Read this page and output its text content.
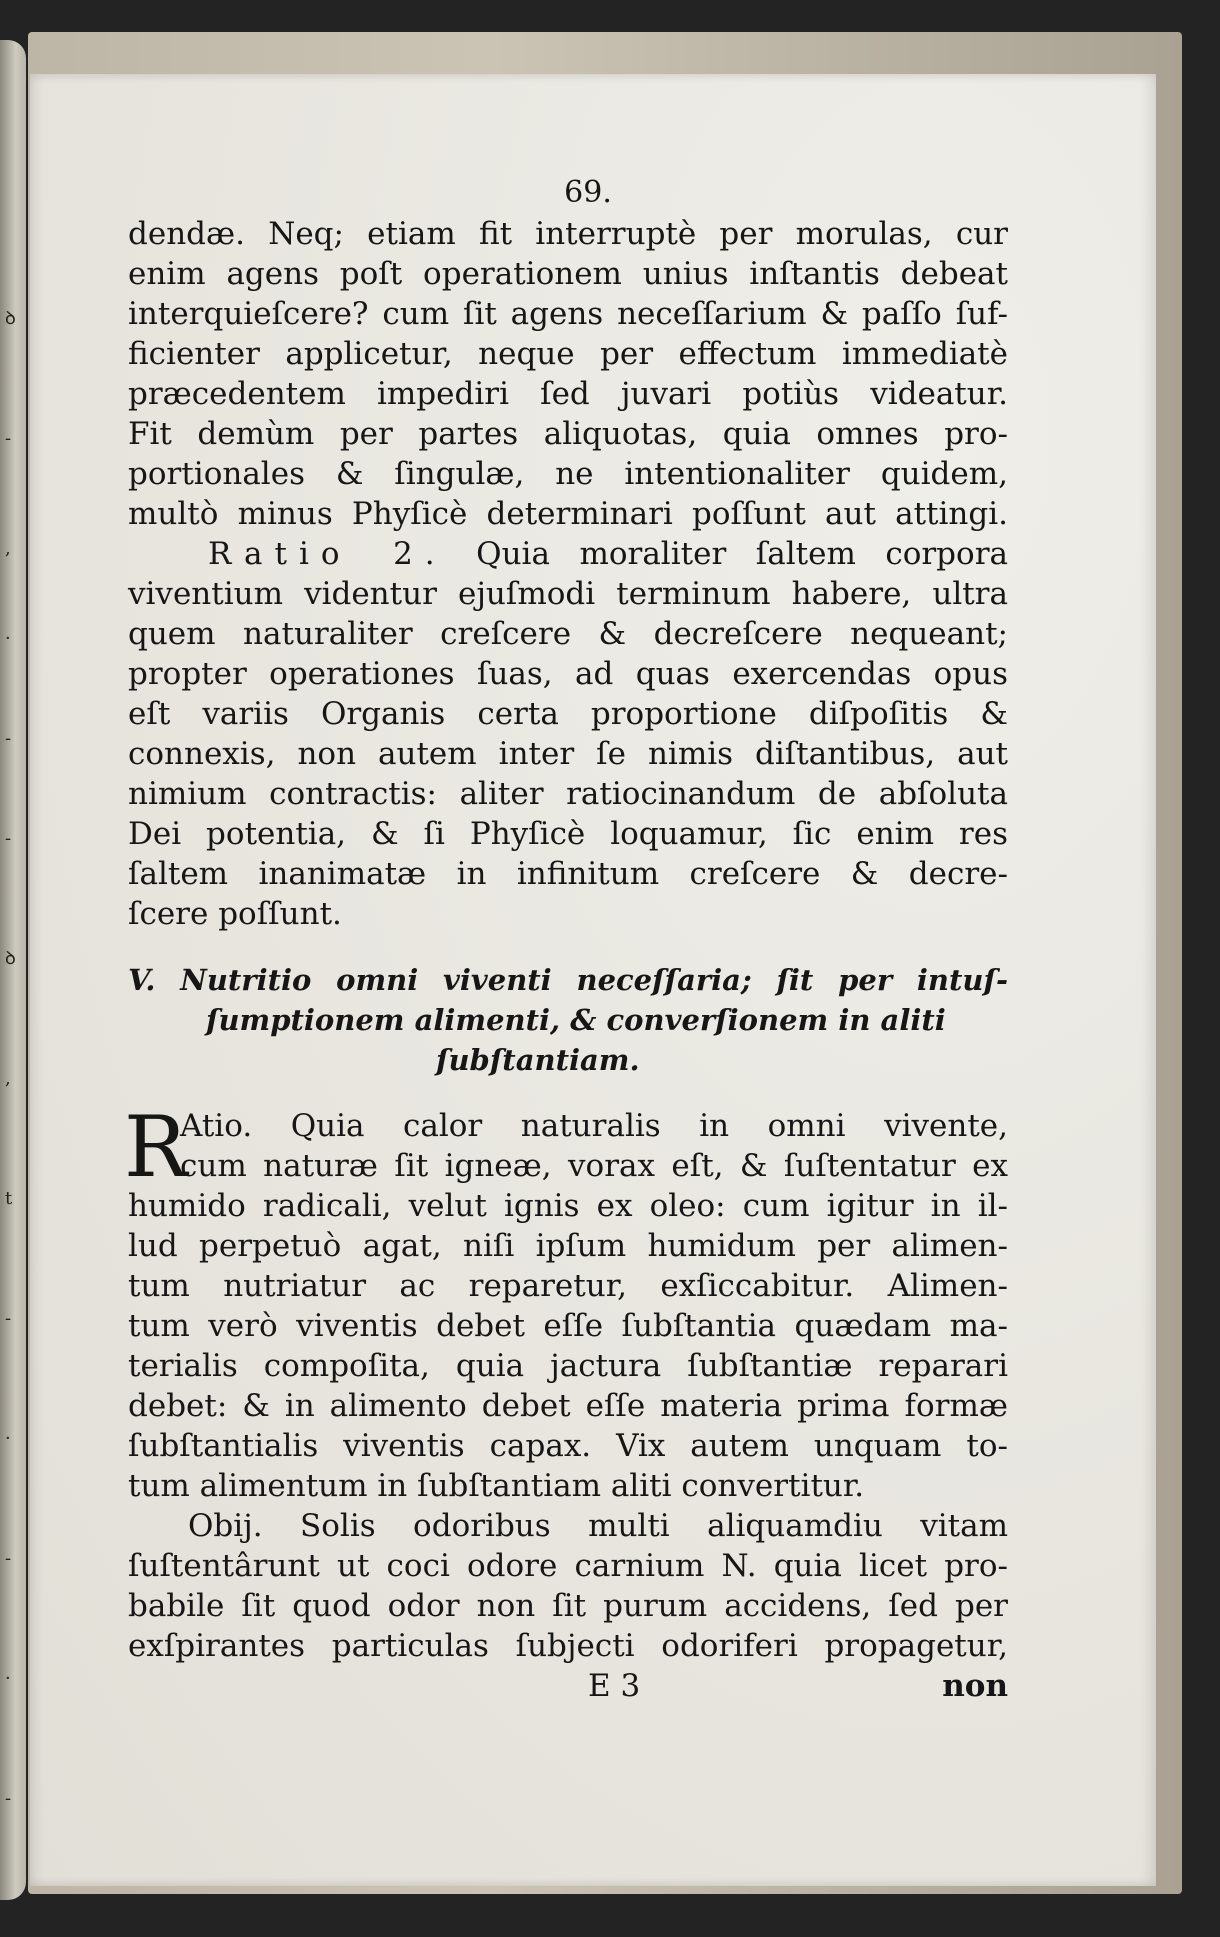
ꝺ
-
,
·
-
-
ꝺ
,
t
-
·
-
·
-
69.
dendæ. Neq; etiam fit interruptè per morulas, cur
enim agens poſt operationem unius inſtantis debeat
interquieſcere? cum ſit agens neceſſarium & paſſo ſuf-
ficienter applicetur, neque per effectum immediatè
præcedentem impediri ſed juvari potiùs videatur.
Fit demùm per partes aliquotas, quia omnes pro-
portionales & ſingulæ, ne intentionaliter quidem,
multò minus Phyſicè determinari poſſunt aut attingi.
Ratio 2. Quia moraliter ſaltem corpora
viventium videntur ejuſmodi terminum habere, ultra
quem naturaliter creſcere & decreſcere nequeant;
propter operationes ſuas, ad quas exercendas opus
eſt variis Organis certa proportione diſpoſitis &
connexis, non autem inter ſe nimis diſtantibus, aut
nimium contractis: aliter ratiocinandum de abſoluta
Dei potentia, & ſi Phyſicè loquamur, ſic enim res
ſaltem inanimatæ in infinitum creſcere & decre-
ſcere poſſunt.
V. Nutritio omni viventi neceſſaria; ſit per intuſ-
ſumptionem alimenti, & converſionem in aliti
ſubſtantiam.
R
Atio. Quia calor naturalis in omni vivente,
cum naturæ ſit igneæ, vorax eſt, & ſuſtentatur ex
humido radicali, velut ignis ex oleo: cum igitur in il-
lud perpetuò agat, niſi ipſum humidum per alimen-
tum nutriatur ac reparetur, exſiccabitur. Alimen-
tum verò viventis debet eſſe ſubſtantia quædam ma-
terialis compoſita, quia jactura ſubſtantiæ reparari
debet: & in alimento debet eſſe materia prima formæ
ſubſtantialis viventis capax. Vix autem unquam to-
tum alimentum in ſubſtantiam aliti convertitur.
Obij. Solis odoribus multi aliquamdiu vitam
ſuſtentârunt ut coci odore carnium N. quia licet pro-
babile ſit quod odor non ſit purum accidens, ſed per
exſpirantes particulas ſubjecti odoriferi propagetur,
E 3	non
